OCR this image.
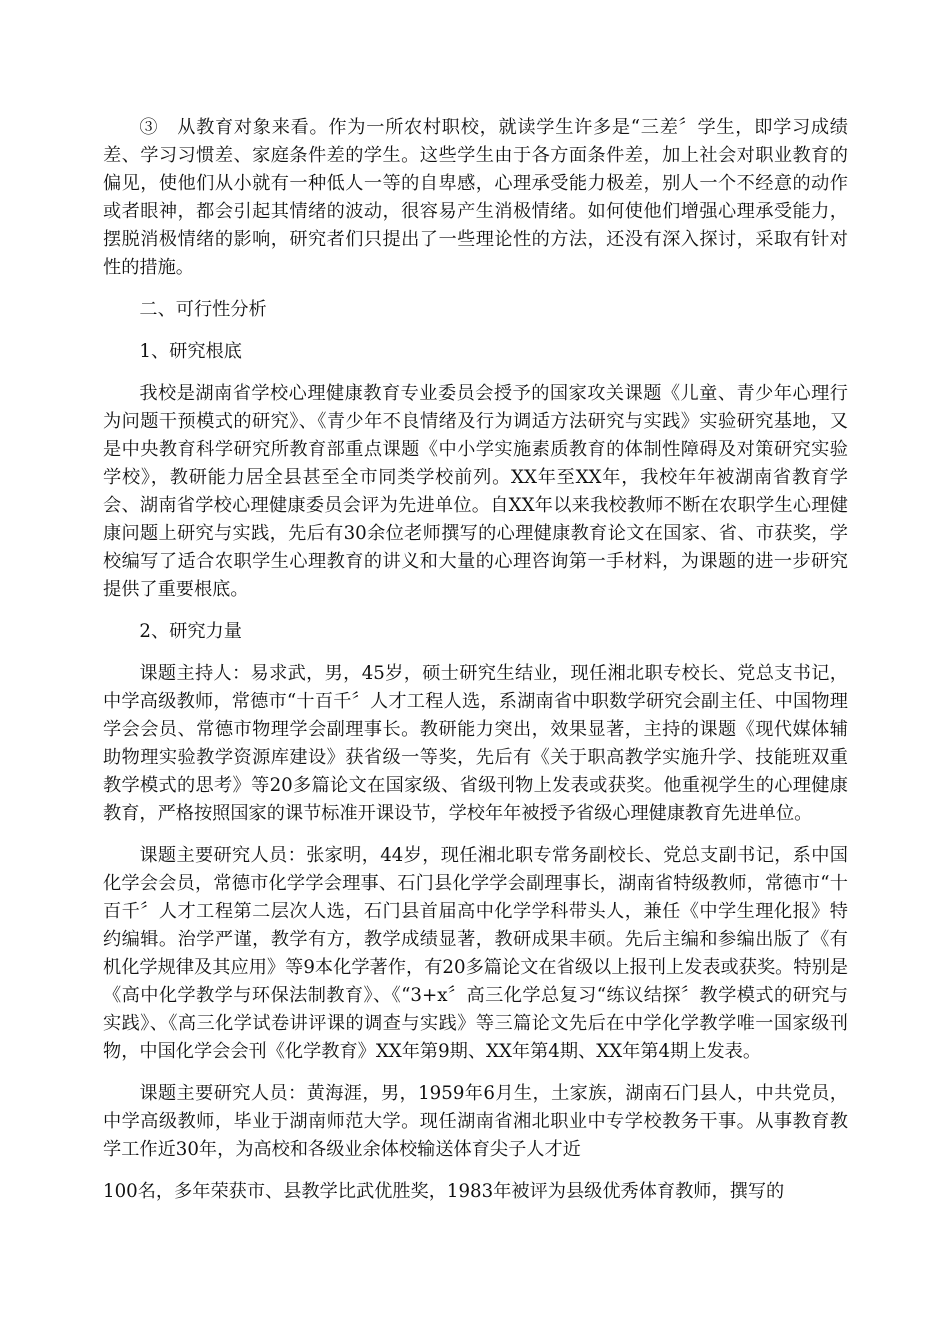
③　从教育对象来看。作为一所农村职校，就读学生许多是“三差〞学生，即学习成绩差、学习习惯差、家庭条件差的学生。这些学生由于各方面条件差，加上社会对职业教育的偏见，使他们从小就有一种低人一等的自卑感，心理承受能力极差，别人一个不经意的动作或者眼神，都会引起其情绪的波动，很容易产生消极情绪。如何使他们增强心理承受能力，摆脱消极情绪的影响，研究者们只提出了一些理论性的方法，还没有深入探讨，采取有针对性的措施。

二、可行性分析

1、研究根底

我校是湖南省学校心理健康教育专业委员会授予的国家攻关课题《儿童、青少年心理行为问题干预模式的研究》、《青少年不良情绪及行为调适方法研究与实践》实验研究基地，又是中央教育科学研究所教育部重点课题《中小学实施素质教育的体制性障碍及对策研究实验学校》，教研能力居全县甚至全市同类学校前列。XX年至XX年，我校年年被湖南省教育学会、湖南省学校心理健康委员会评为先进单位。自XX年以来我校教师不断在农职学生心理健康问题上研究与实践，先后有30余位老师撰写的心理健康教育论文在国家、省、市获奖，学校编写了适合农职学生心理教育的讲义和大量的心理咨询第一手材料，为课题的进一步研究提供了重要根底。

2、研究力量

课题主持人：易求武，男，45岁，硕士研究生结业，现任湘北职专校长、党总支书记，中学高级教师，常德市“十百千〞人才工程人选，系湖南省中职数学研究会副主任、中国物理学会会员、常德市物理学会副理事长。教研能力突出，效果显著，主持的课题《现代媒体辅助物理实验教学资源库建设》获省级一等奖，先后有《关于职高教学实施升学、技能班双重教学模式的思考》等20多篇论文在国家级、省级刊物上发表或获奖。他重视学生的心理健康教育，严格按照国家的课节标准开课设节，学校年年被授予省级心理健康教育先进单位。

课题主要研究人员：张家明，44岁，现任湘北职专常务副校长、党总支副书记，系中国化学会会员，常德市化学学会理事、石门县化学学会副理事长，湖南省特级教师，常德市“十百千〞人才工程第二层次人选，石门县首届高中化学学科带头人，兼任《中学生理化报》特约编辑。治学严谨，教学有方，教学成绩显著，教研成果丰硕。先后主编和参编出版了《有机化学规律及其应用》等9本化学著作，有20多篇论文在省级以上报刊上发表或获奖。特别是《高中化学教学与环保法制教育》、《“3+x〞高三化学总复习“练议结探〞教学模式的研究与实践》、《高三化学试卷讲评课的调查与实践》等三篇论文先后在中学化学教学唯一国家级刊物，中国化学会会刊《化学教育》XX年第9期、XX年第4期、XX年第4期上发表。

课题主要研究人员：黄海涯，男，1959年6月生，土家族，湖南石门县人，中共党员，中学高级教师，毕业于湖南师范大学。现任湖南省湘北职业中专学校教务干事。从事教育教学工作近30年，为高校和各级业余体校输送体育尖子人才近

100名，多年荣获市、县教学比武优胜奖，1983年被评为县级优秀体育教师，撰写的
